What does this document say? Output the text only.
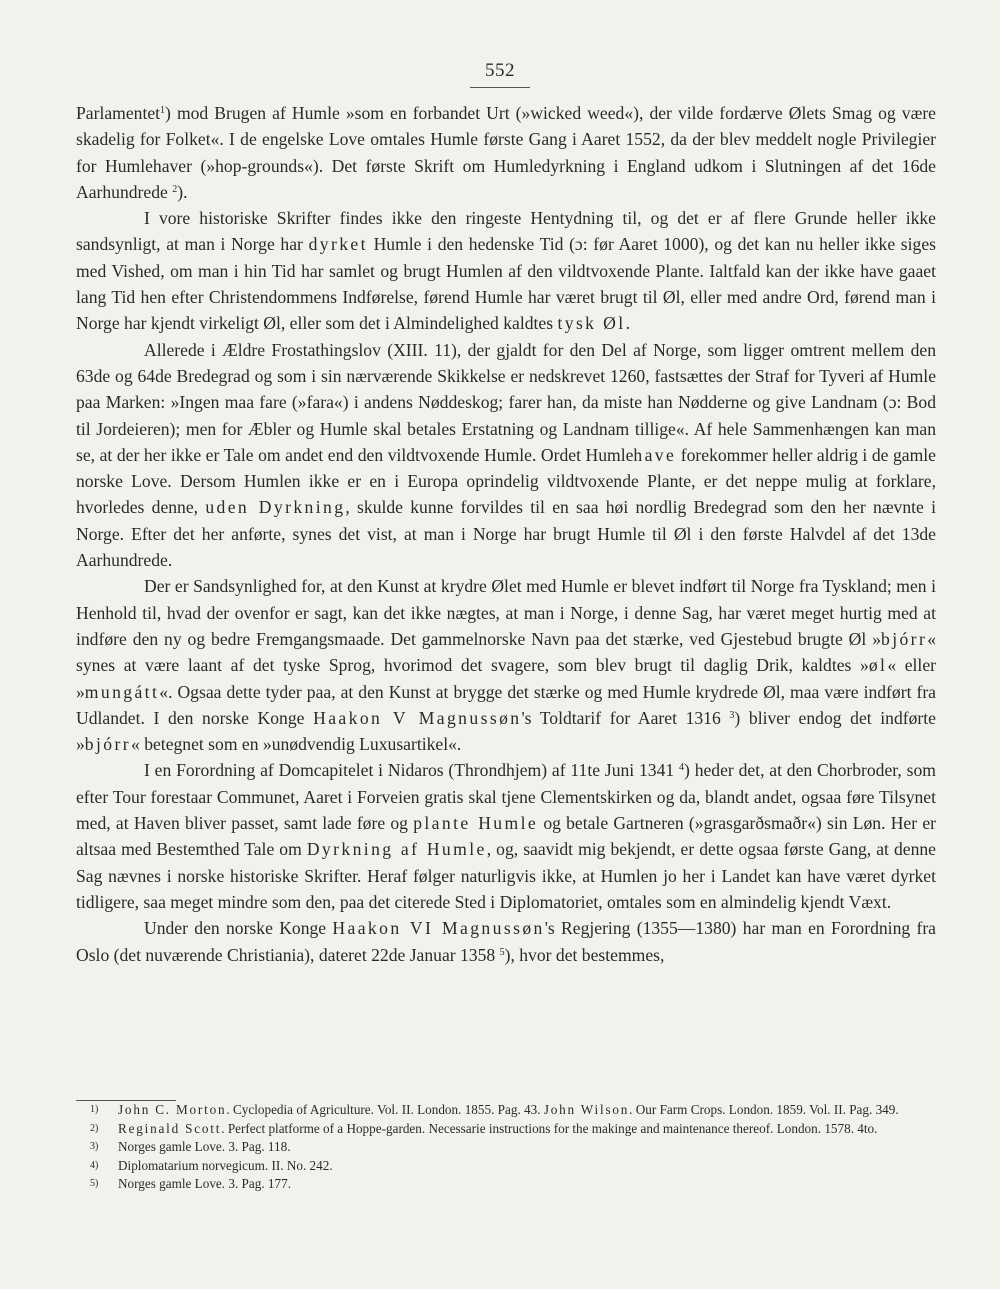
552

Parlamentet$^1$) mod Brugen af Humle »som en forbandet Urt (»wicked weed«), der vilde fordærve Ølets Smag og være skadelig for Folket«. I de engelske Love omtales Humle første Gang i Aaret 1552, da der blev meddelt nogle Privilegier for Humlehaver (»hop-grounds«). Det første Skrift om Humledyrkning i England udkom i Slutningen af det 16de Aarhundrede $^2$).

I vore historiske Skrifter findes ikke den ringeste Hentydning til, og det er af flere Grunde heller ikke sandsynligt, at man i Norge har dyrket Humle i den hedenske Tid (ɔ: før Aaret 1000), og det kan nu heller ikke siges med Vished, om man i hin Tid har samlet og brugt Humlen af den vildtvoxende Plante. Ialtfald kan der ikke have gaaet lang Tid hen efter Christendommens Indførelse, førend Humle har været brugt til Øl, eller med andre Ord, førend man i Norge har kjendt virkeligt Øl, eller som det i Almindelighed kaldtes tysk Øl.

Allerede i Ældre Frostathingslov (XIII. 11), der gjaldt for den Del af Norge, som ligger omtrent mellem den 63de og 64de Bredegrad og som i sin nærværende Skikkelse er nedskrevet 1260, fastsættes der Straf for Tyveri af Humle paa Marken: »Ingen maa fare (»fara«) i andens Nøddeskog; farer han, da miste han Nødderne og give Landnam (ɔ: Bod til Jordeieren); men for Æbler og Humle skal betales Erstatning og Landnam tillige«. Af hele Sammenhængen kan man se, at der her ikke er Tale om andet end den vildtvoxende Humle. Ordet Humlehave forekommer heller aldrig i de gamle norske Love. Dersom Humlen ikke er en i Europa oprindelig vildtvoxende Plante, er det neppe mulig at forklare, hvorledes denne, uden Dyrkning, skulde kunne forvildes til en saa høi nordlig Bredegrad som den her nævnte i Norge. Efter det her anførte, synes det vist, at man i Norge har brugt Humle til Øl i den første Halvdel af det 13de Aarhundrede.

Der er Sandsynlighed for, at den Kunst at krydre Ølet med Humle er blevet indført til Norge fra Tyskland; men i Henhold til, hvad der ovenfor er sagt, kan det ikke nægtes, at man i Norge, i denne Sag, har været meget hurtig med at indføre den ny og bedre Fremgangsmaade. Det gammelnorske Navn paa det stærke, ved Gjestebud brugte Øl »bjórr« synes at være laant af det tyske Sprog, hvorimod det svagere, som blev brugt til daglig Drik, kaldtes »øl« eller »mungátt«. Ogsaa dette tyder paa, at den Kunst at brygge det stærke og med Humle krydrede Øl, maa være indført fra Udlandet. I den norske Konge Haakon V Magnussøn's Toldtarif for Aaret 1316 $^3$) bliver endog det indførte »bjórr« betegnet som en »unødvendig Luxusartikel«.

I en Forordning af Domcapitelet i Nidaros (Throndhjem) af 11te Juni 1341 $^4$) heder det, at den Chorbroder, som efter Tour forestaar Communet, Aaret i Forveien gratis skal tjene Clementskirken og da, blandt andet, ogsaa føre Tilsynet med, at Haven bliver passet, samt lade føre og plante Humle og betale Gartneren (»grasgarðsmaðr«) sin Løn. Her er altsaa med Bestemthed Tale om Dyrkning af Humle, og, saavidt mig bekjendt, er dette ogsaa første Gang, at denne Sag nævnes i norske historiske Skrifter. Heraf følger naturligvis ikke, at Humlen jo her i Landet kan have været dyrket tidligere, saa meget mindre som den, paa det citerede Sted i Diplomatoriet, omtales som en almindelig kjendt Væxt.

Under den norske Konge Haakon VI Magnussøn's Regjering (1355—1380) har man en Forordning fra Oslo (det nuværende Christiania), dateret 22de Januar 1358 $^5$), hvor det bestemmes,

1) John C. Morton. Cyclopedia of Agriculture. Vol. II. London. 1855. Pag. 43. John Wilson. Our Farm Crops. London. 1859. Vol. II. Pag. 349.
2) Reginald Scott. Perfect platforme of a Hoppe-garden. Necessarie instructions for the makinge and maintenance thereof. London. 1578. 4to.
3) Norges gamle Love. 3. Pag. 118.
4) Diplomatarium norvegicum. II. No. 242.
5) Norges gamle Love. 3. Pag. 177.
